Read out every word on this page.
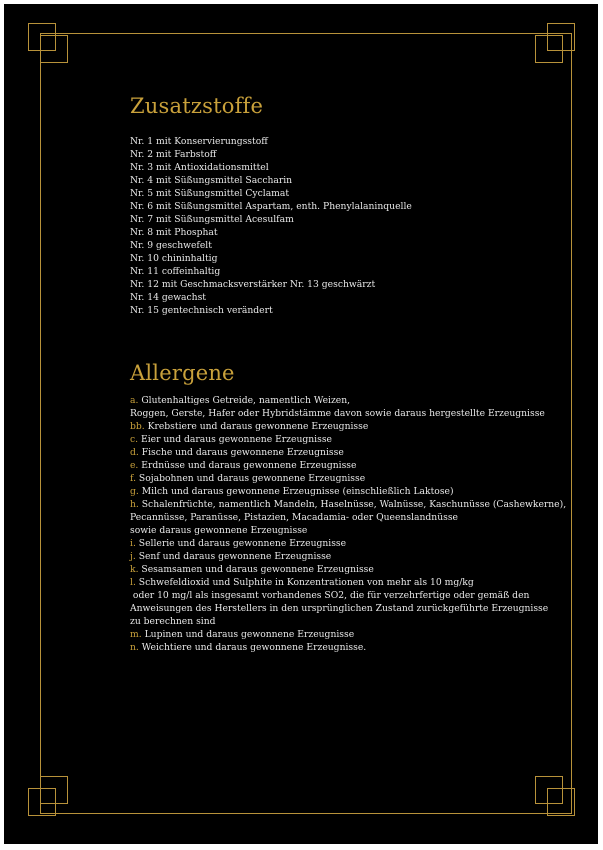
Zusatzstoffe
Nr. 1 mit Konservierungsstoff
Nr. 2 mit Farbstoff
Nr. 3 mit Antioxidationsmittel
Nr. 4 mit Süßungsmittel Saccharin
Nr. 5 mit Süßungsmittel Cyclamat
Nr. 6 mit Süßungsmittel Aspartam, enth. Phenylalaninquelle
Nr. 7 mit Süßungsmittel Acesulfam
Nr. 8 mit Phosphat
Nr. 9 geschwefelt
Nr. 10 chininhaltig
Nr. 11 coffeinhaltig
Nr. 12 mit Geschmacksverstärker Nr. 13 geschwärzt
Nr. 14 gewachst
Nr. 15 gentechnisch verändert
Allergene
a. Glutenhaltiges Getreide, namentlich Weizen,
Roggen, Gerste, Hafer oder Hybridstämme davon sowie daraus hergestellte Erzeugnisse
bb. Krebstiere und daraus gewonnene Erzeugnisse
c. Eier und daraus gewonnene Erzeugnisse
d. Fische und daraus gewonnene Erzeugnisse
e. Erdnüsse und daraus gewonnene Erzeugnisse
f. Sojabohnen und daraus gewonnene Erzeugnisse
g. Milch und daraus gewonnene Erzeugnisse (einschließlich Laktose)
h. Schalenfrüchte, namentlich Mandeln, Haselnüsse, Walnüsse, Kaschunüsse (Cashewkerne),
Pecannüsse, Paranüsse, Pistazien, Macadamia- oder Queenslandnüsse
sowie daraus gewonnene Erzeugnisse
i. Sellerie und daraus gewonnene Erzeugnisse
j. Senf und daraus gewonnene Erzeugnisse
k. Sesamsamen und daraus gewonnene Erzeugnisse
l. Schwefeldioxid und Sulphite in Konzentrationen von mehr als 10 mg/kg
oder 10 mg/l als insgesamt vorhandenes SO2, die für verzehrfertige oder gemäß den
Anweisungen des Herstellers in den ursprünglichen Zustand zurückgeführte Erzeugnisse
zu berechnen sind
m. Lupinen und daraus gewonnene Erzeugnisse
n. Weichtiere und daraus gewonnene Erzeugnisse.
